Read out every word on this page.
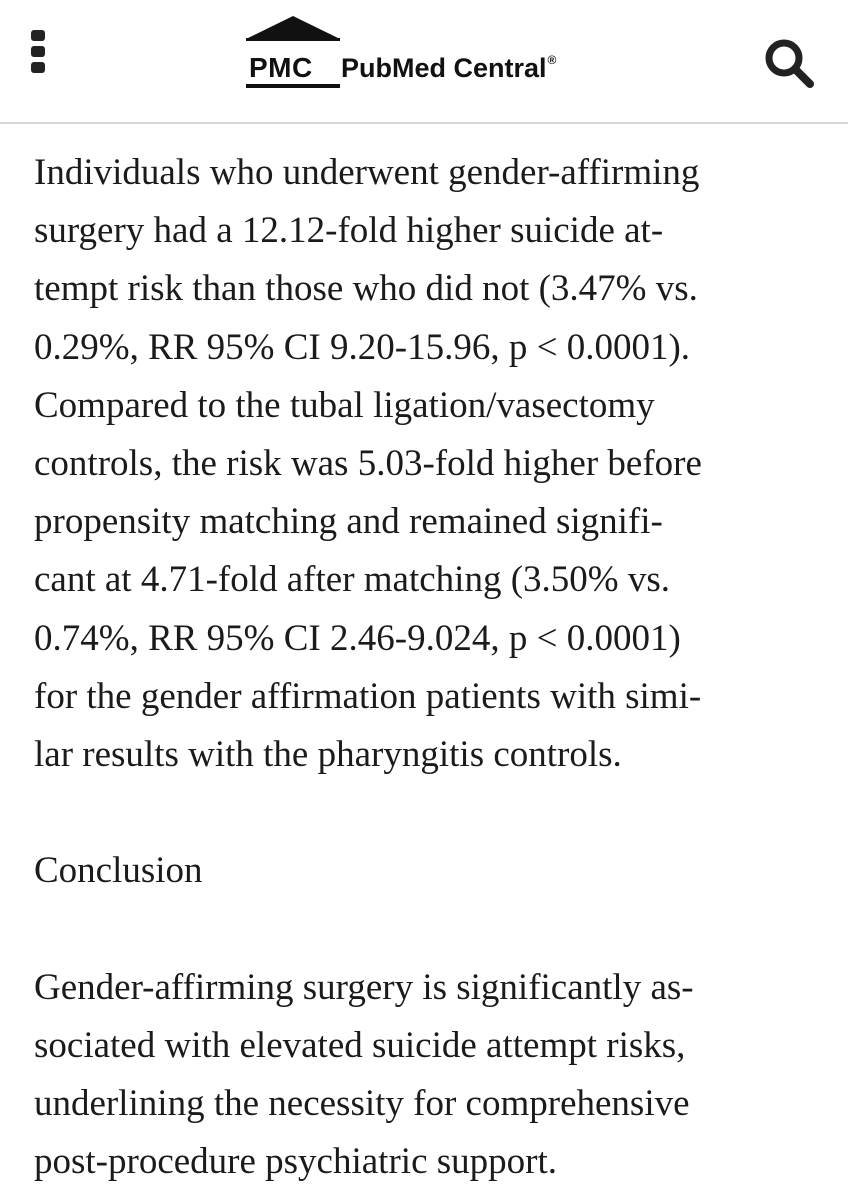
PMC PubMed Central®
Individuals who underwent gender-affirming
surgery had a 12.12-fold higher suicide at-
tempt risk than those who did not (3.47% vs.
0.29%, RR 95% CI 9.20-15.96, p < 0.0001).
Compared to the tubal ligation/vasectomy
controls, the risk was 5.03-fold higher before
propensity matching and remained signifi-
cant at 4.71-fold after matching (3.50% vs.
0.74%, RR 95% CI 2.46-9.024, p < 0.0001)
for the gender affirmation patients with simi-
lar results with the pharyngitis controls.
Conclusion
Gender-affirming surgery is significantly as-
sociated with elevated suicide attempt risks,
underlining the necessity for comprehensive
post-procedure psychiatric support.
